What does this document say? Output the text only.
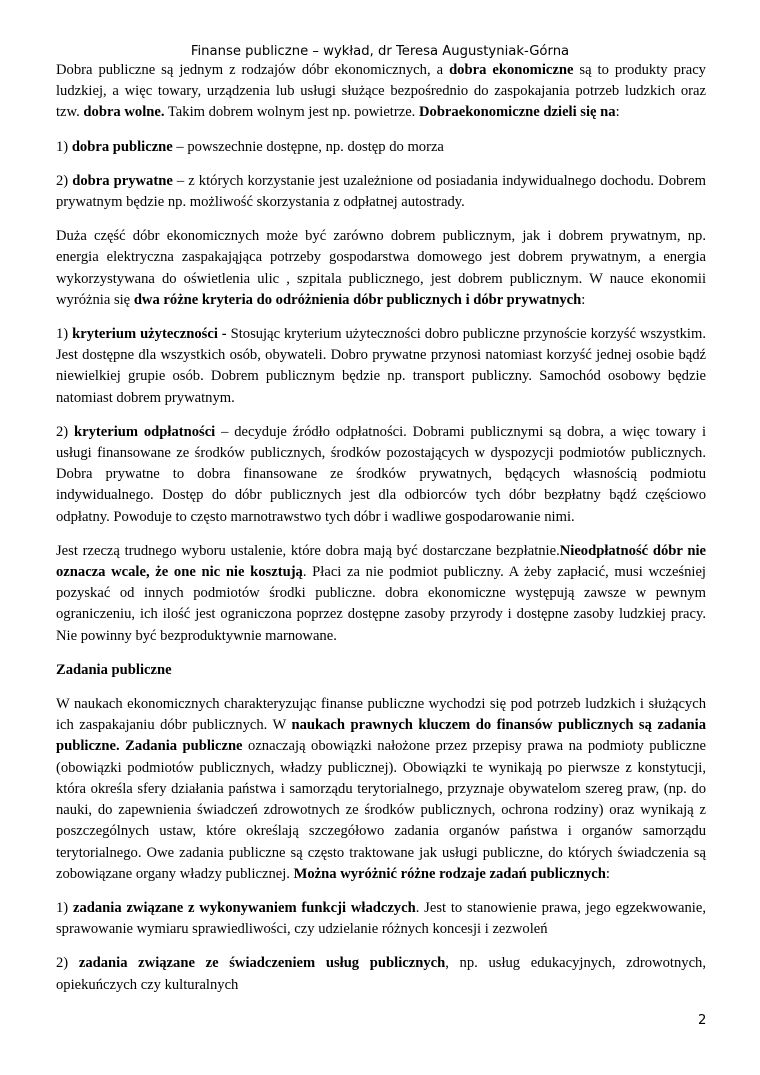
Finanse publiczne – wykład, dr Teresa Augustyniak-Górna

Dobra publiczne są jednym z rodzajów dóbr ekonomicznych, a dobra ekonomiczne są to produkty pracy ludzkiej, a więc towary, urządzenia lub usługi służące bezpośrednio do zaspokajania potrzeb ludzkich oraz tzw. dobra wolne. Takim dobrem wolnym jest np. powietrze. Dobraekonomiczne dzieli się na:

1) dobra publiczne – powszechnie dostępne, np. dostęp do morza

2) dobra prywatne – z których korzystanie jest uzależnione od posiadania indywidualnego dochodu. Dobrem prywatnym będzie np. możliwość skorzystania z odpłatnej autostrady.

Duża część dóbr ekonomicznych może być zarówno dobrem publicznym, jak i dobrem prywatnym, np. energia elektryczna zaspakająjąca potrzeby gospodarstwa domowego jest dobrem prywatnym, a energia wykorzystywana do oświetlenia ulic , szpitala publicznego, jest dobrem publicznym. W nauce ekonomii wyróżnia się dwa różne kryteria do odróżnienia dóbr publicznych i dóbr prywatnych:

1) kryterium użyteczności - Stosując kryterium użyteczności dobro publiczne przynoście korzyść wszystkim. Jest dostępne dla wszystkich osób, obywateli. Dobro prywatne przynosi natomiast korzyść jednej osobie bądź niewielkiej grupie osób. Dobrem publicznym będzie np. transport publiczny. Samochód osobowy będzie natomiast dobrem prywatnym.

2) kryterium odpłatności – decyduje źródło odpłatności. Dobrami publicznymi są dobra, a więc towary i usługi finansowane ze środków publicznych, środków pozostających w dyspozycji podmiotów publicznych. Dobra prywatne to dobra finansowane ze środków prywatnych, będących własnością podmiotu indywidualnego. Dostęp do dóbr publicznych jest dla odbiorców tych dóbr bezpłatny bądź częściowo odpłatny. Powoduje to często marnotrawstwo tych dóbr i wadliwe gospodarowanie nimi.

Jest rzeczą trudnego wyboru ustalenie, które dobra mają być dostarczane bezpłatnie.Nieodpłatność dóbr nie oznacza wcale, że one nic nie kosztują. Płaci za nie podmiot publiczny. A żeby zapłacić, musi wcześniej pozyskać od innych podmiotów środki publiczne. dobra ekonomiczne występują zawsze w pewnym ograniczeniu, ich ilość jest ograniczona poprzez dostępne zasoby przyrody i dostępne zasoby ludzkiej pracy. Nie powinny być bezproduktywnie marnowane.

Zadania publiczne

W naukach ekonomicznych charakteryzując finanse publiczne wychodzi się pod potrzeb ludzkich i służących ich zaspakajaniu dóbr publicznych. W naukach prawnych kluczem do finansów publicznych są zadania publiczne. Zadania publiczne oznaczają obowiązki nałożone przez przepisy prawa na podmioty publiczne (obowiązki podmiotów publicznych, władzy publicznej). Obowiązki te wynikają po pierwsze z konstytucji, która określa sfery działania państwa i samorządu terytorialnego, przyznaje obywatelom szereg praw, (np. do nauki, do zapewnienia świadczeń zdrowotnych ze środków publicznych, ochrona rodziny) oraz wynikają z poszczególnych ustaw, które określają szczegółowo zadania organów państwa i organów samorządu terytorialnego. Owe zadania publiczne są często traktowane jak usługi publiczne, do których świadczenia są zobowiązane organy władzy publicznej. Można wyróżnić różne rodzaje zadań publicznych:

1) zadania związane z wykonywaniem funkcji władczych. Jest to stanowienie prawa, jego egzekwowanie, sprawowanie wymiaru sprawiedliwości, czy udzielanie różnych koncesji i zezwoleń

2) zadania związane ze świadczeniem usług publicznych, np. usług edukacyjnych, zdrowotnych, opiekuńczych czy kulturalnych

2
